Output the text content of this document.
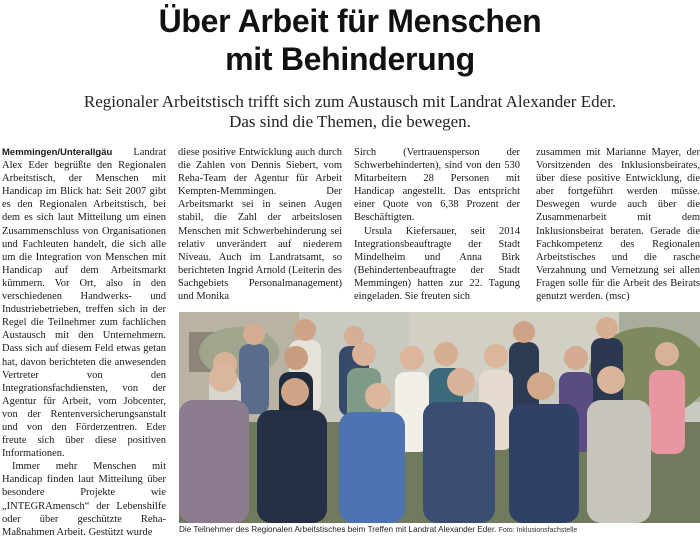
Über Arbeit für Menschen
mit Behinderung
Regionaler Arbeitstisch trifft sich zum Austausch mit Landrat Alexander Eder.
Das sind die Themen, die bewegen.

Memmingen/Unterallgäu Landrat Alex Eder begrüßte den Regionalen Arbeitstisch, der Menschen mit Handicap im Blick hat: Seit 2007 gibt es den Regionalen Arbeitstisch, bei dem es sich laut Mitteilung um einen Zusammenschluss von Organisationen und Fachleuten handelt, die sich alle um die Integration von Menschen mit Handicap auf dem Arbeitsmarkt kümmern. Vor Ort, also in den verschiedenen Handwerks- und Industriebetrieben, treffen sich in der Regel die Teilnehmer zum fachlichen Austausch mit den Unternehmern. Dass sich auf diesem Feld etwas getan hat, davon berichteten die anwesenden Vertreter von den Integrationsfachdiensten, von der Agentur für Arbeit, vom Jobcenter, von der Rentenversicherungsanstalt und von den Förderzentren. Eder freute sich über diese positiven Informationen.

Immer mehr Menschen mit Handicap finden laut Mitteilung über besondere Projekte wie „INTEGRAmensch“ der Lebenshilfe oder über geschützte Reha-Maßnahmen Arbeit. Gestützt wurde

diese positive Entwicklung auch durch die Zahlen von Dennis Siebert, vom Reha-Team der Agentur für Arbeit Kempten-Memmingen. Der Arbeitsmarkt sei in seinen Augen stabil, die Zahl der arbeitslosen Menschen mit Schwerbehinderung sei relativ unverändert auf niederem Niveau. Auch im Landratsamt, so berichteten Ingrid Arnold (Leiterin des Sachgebiets Personalmanagement) und Monika

Sirch (Vertrauensperson der Schwerbehinderten), sind von den 530 Mitarbeitern 28 Personen mit Handicap angestellt. Das entspricht einer Quote von 6,38 Prozent der Beschäftigten.

Ursula Kiefersauer, seit 2014 Integrationsbeauftragte der Stadt Mindelheim und Anna Birk (Behindertenbeauftragte der Stadt Memmingen) hatten zur 22. Tagung eingeladen. Sie freuten sich

zusammen mit Marianne Mayer, der Vorsitzenden des Inklusionsbeirates, über diese positive Entwicklung, die aber fortgeführt werden müsse. Deswegen wurde auch über die Zusammenarbeit mit dem Inklusionsbeirat beraten. Gerade die Fachkompetenz des Regionalen Arbeitstisches und die rasche Verzahnung und Vernetzung sei allen Fragen solle für die Arbeit des Beirats genutzt werden. (msc)

Die Teilnehmer des Regionalen Arbeitstisches beim Treffen mit Landrat Alexander Eder. Foto: Inklusionsfachstelle
